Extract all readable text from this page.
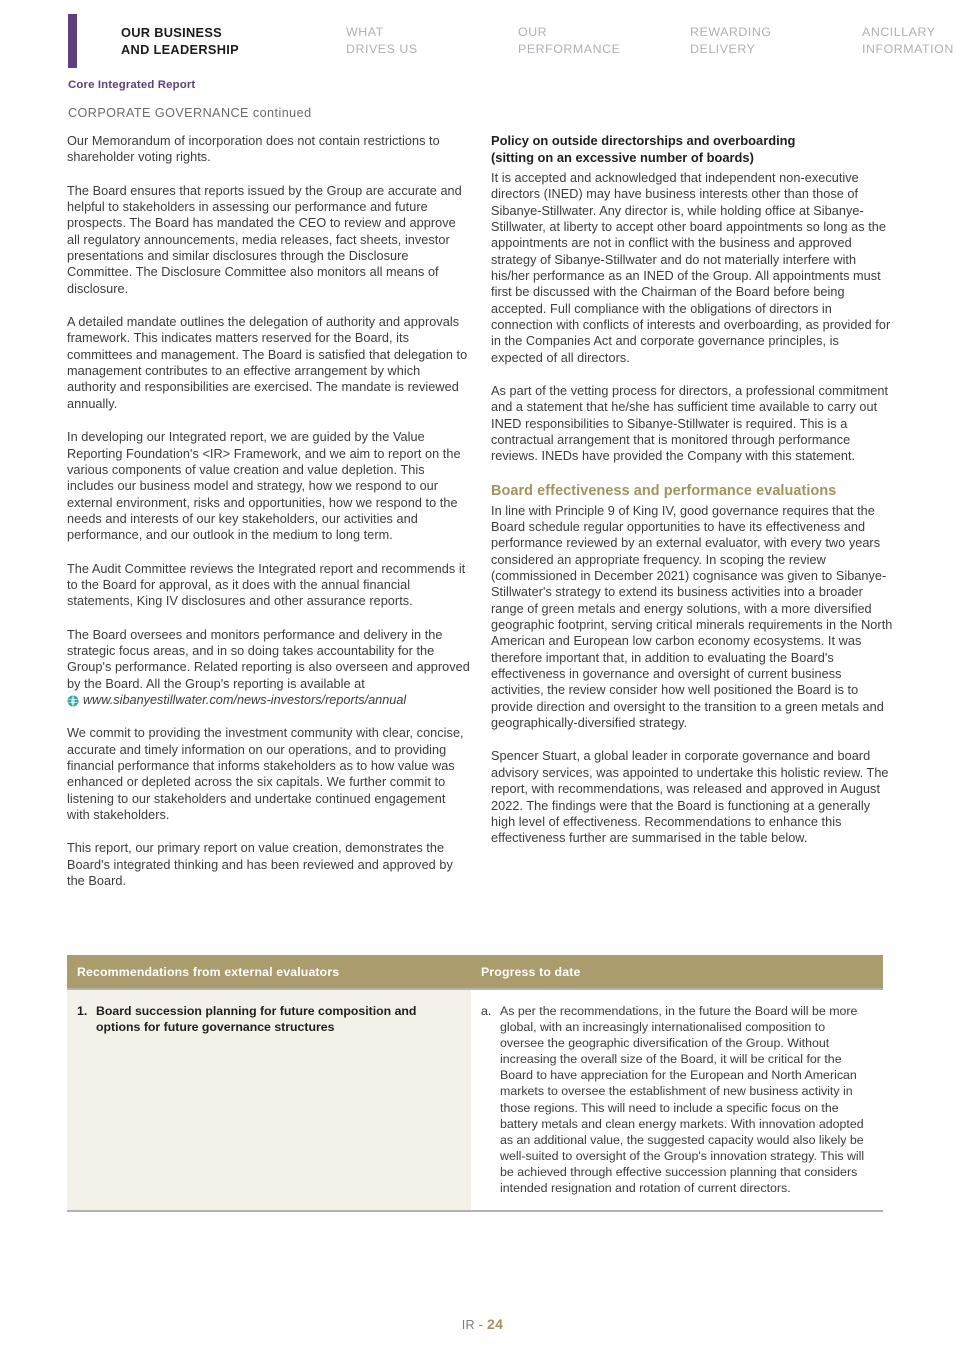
OUR BUSINESS
AND LEADERSHIP
WHAT
DRIVES US
OUR
PERFORMANCE
REWARDING
DELIVERY
ANCILLARY
INFORMATION
Core Integrated Report
CORPORATE GOVERNANCE continued

Our Memorandum of incorporation does not contain restrictions to shareholder voting rights.

The Board ensures that reports issued by the Group are accurate and helpful to stakeholders in assessing our performance and future prospects. The Board has mandated the CEO to review and approve all regulatory announcements, media releases, fact sheets, investor presentations and similar disclosures through the Disclosure Committee. The Disclosure Committee also monitors all means of disclosure.

A detailed mandate outlines the delegation of authority and approvals framework. This indicates matters reserved for the Board, its committees and management. The Board is satisfied that delegation to management contributes to an effective arrangement by which authority and responsibilities are exercised. The mandate is reviewed annually.

In developing our Integrated report, we are guided by the Value Reporting Foundation's <IR> Framework, and we aim to report on the various components of value creation and value depletion. This includes our business model and strategy, how we respond to our external environment, risks and opportunities, how we respond to the needs and interests of our key stakeholders, our activities and performance, and our outlook in the medium to long term.

The Audit Committee reviews the Integrated report and recommends it to the Board for approval, as it does with the annual financial statements, King IV disclosures and other assurance reports.

The Board oversees and monitors performance and delivery in the strategic focus areas, and in so doing takes accountability for the Group's performance. Related reporting is also overseen and approved by the Board. All the Group's reporting is available at

www.sibanyestillwater.com/news-investors/reports/annual

We commit to providing the investment community with clear, concise, accurate and timely information on our operations, and to providing financial performance that informs stakeholders as to how value was enhanced or depleted across the six capitals. We further commit to listening to our stakeholders and undertake continued engagement with stakeholders.

This report, our primary report on value creation, demonstrates the Board's integrated thinking and has been reviewed and approved by the Board.

Policy on outside directorships and overboarding
(sitting on an excessive number of boards)

It is accepted and acknowledged that independent non-executive directors (INED) may have business interests other than those of Sibanye-Stillwater. Any director is, while holding office at Sibanye-Stillwater, at liberty to accept other board appointments so long as the appointments are not in conflict with the business and approved strategy of Sibanye-Stillwater and do not materially interfere with his/her performance as an INED of the Group. All appointments must first be discussed with the Chairman of the Board before being accepted. Full compliance with the obligations of directors in connection with conflicts of interests and overboarding, as provided for in the Companies Act and corporate governance principles, is expected of all directors.

As part of the vetting process for directors, a professional commitment and a statement that he/she has sufficient time available to carry out INED responsibilities to Sibanye-Stillwater is required. This is a contractual arrangement that is monitored through performance reviews. INEDs have provided the Company with this statement.

Board effectiveness and performance evaluations

In line with Principle 9 of King IV, good governance requires that the Board schedule regular opportunities to have its effectiveness and performance reviewed by an external evaluator, with every two years considered an appropriate frequency. In scoping the review (commissioned in December 2021) cognisance was given to Sibanye-Stillwater's strategy to extend its business activities into a broader range of green metals and energy solutions, with a more diversified geographic footprint, serving critical minerals requirements in the North American and European low carbon economy ecosystems. It was therefore important that, in addition to evaluating the Board's effectiveness in governance and oversight of current business activities, the review consider how well positioned the Board is to provide direction and oversight to the transition to a green metals and geographically-diversified strategy.

Spencer Stuart, a global leader in corporate governance and board advisory services, was appointed to undertake this holistic review. The report, with recommendations, was released and approved in August 2022. The findings were that the Board is functioning at a generally high level of effectiveness. Recommendations to enhance this effectiveness further are summarised in the table below.

Recommendations from external evaluators	Progress to date
1. Board succession planning for future composition and options for future governance structures
a. As per the recommendations, in the future the Board will be more global, with an increasingly internationalised composition to oversee the geographic diversification of the Group. Without increasing the overall size of the Board, it will be critical for the Board to have appreciation for the European and North American markets to oversee the establishment of new business activity in those regions. This will need to include a specific focus on the battery metals and clean energy markets. With innovation adopted as an additional value, the suggested capacity would also likely be well-suited to oversight of the Group's innovation strategy. This will be achieved through effective succession planning that considers intended resignation and rotation of current directors.
IR - 24
